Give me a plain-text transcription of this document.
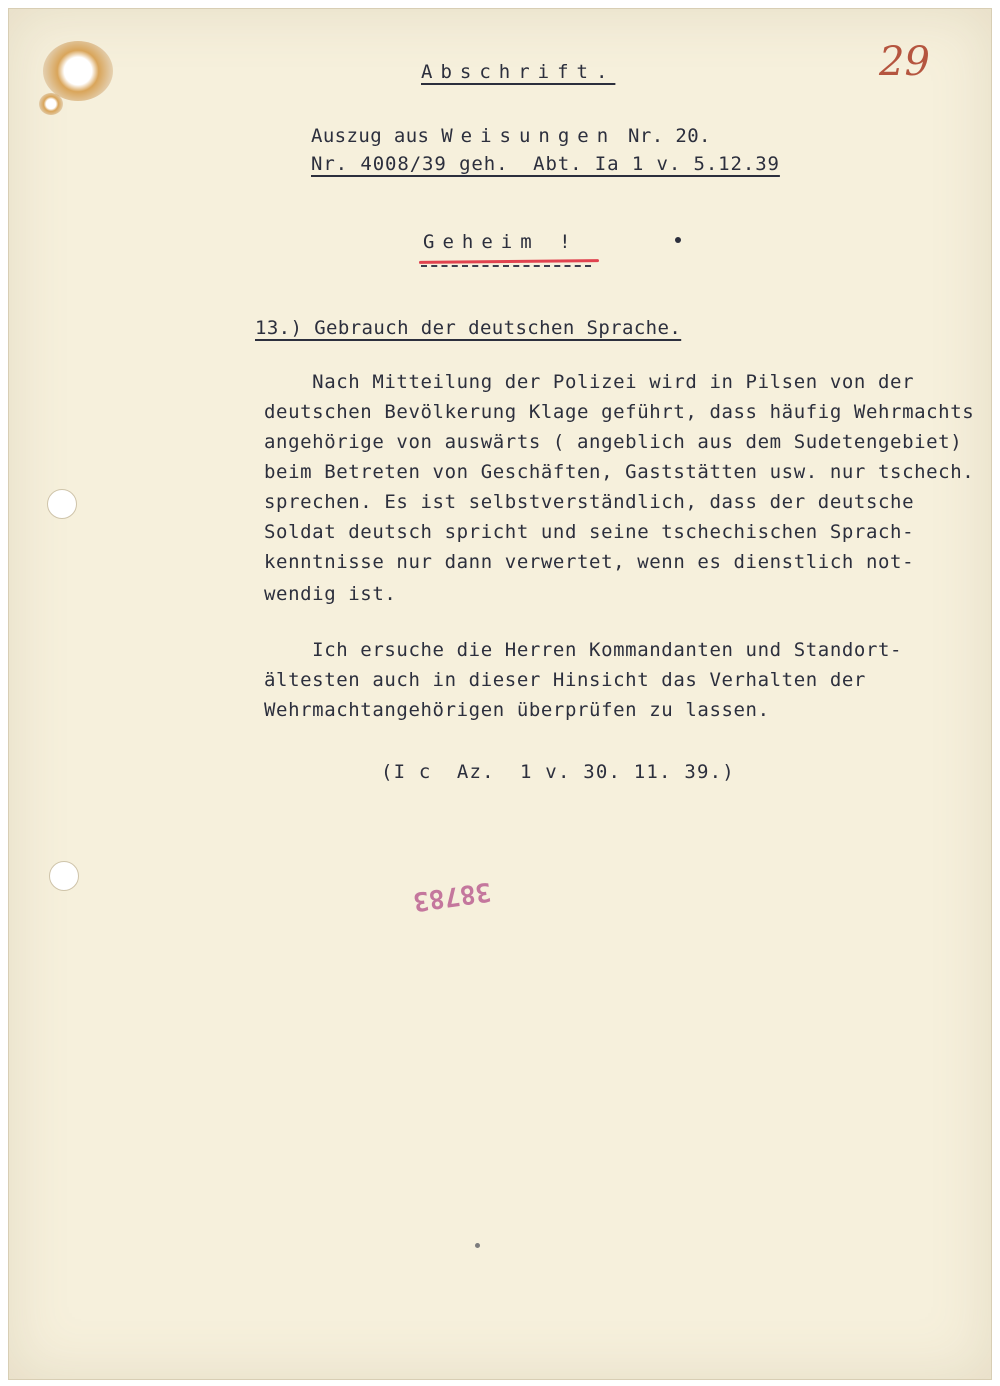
29
Abschrift.
Auszug aus Weisungen Nr. 20.
Nr. 4008/39 geh.  Abt. Ia 1 v. 5.12.39
Geheim !
13.) Gebrauch der deutschen Sprache.
Nach Mitteilung der Polizei wird in Pilsen von der
deutschen Bevölkerung Klage geführt, dass häufig Wehrmachts
angehörige von auswärts ( angeblich aus dem Sudetengebiet)
beim Betreten von Geschäften, Gaststätten usw. nur tschech.
sprechen. Es ist selbstverständlich, dass der deutsche
Soldat deutsch spricht und seine tschechischen Sprach-
kenntnisse nur dann verwertet, wenn es dienstlich not-
wendig ist.
Ich ersuche die Herren Kommandanten und Standort-
ältesten auch in dieser Hinsicht das Verhalten der
Wehrmachtangehörigen überprüfen zu lassen.
(I c  Az.  1 v. 30. 11. 39.)
38783
